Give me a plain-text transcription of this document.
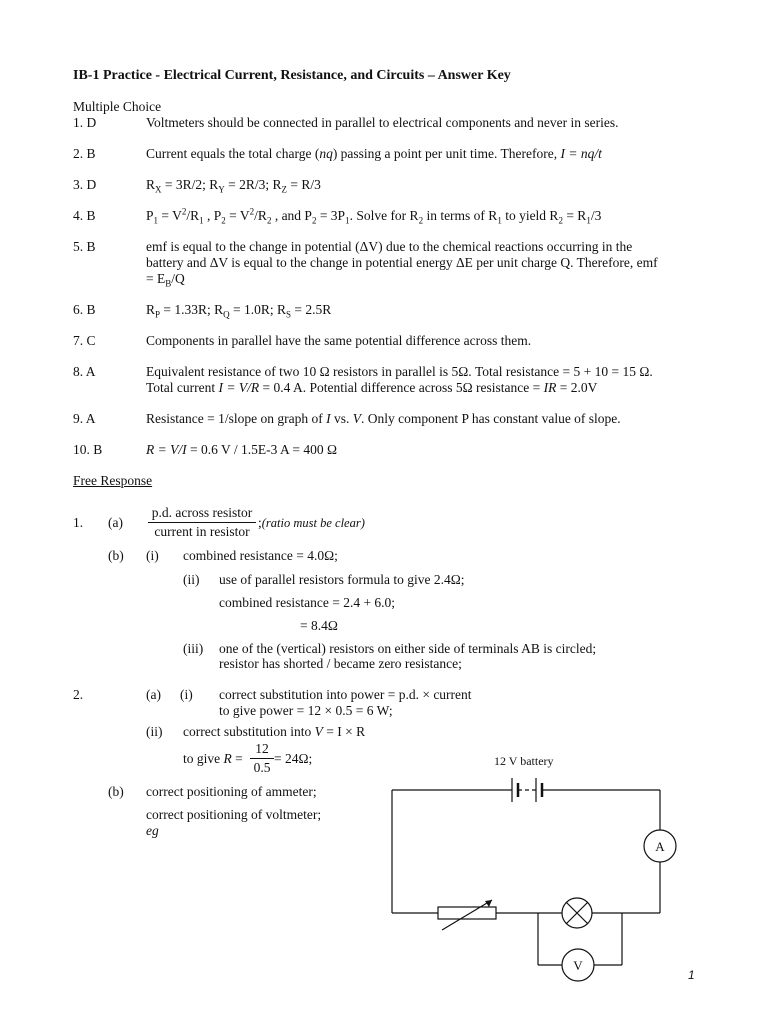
IB-1 Practice - Electrical Current, Resistance, and Circuits – Answer Key
Multiple Choice
1. D	Voltmeters should be connected in parallel to electrical components and never in series.
2. B	Current equals the total charge (nq) passing a point per unit time. Therefore, I = nq/t
3. D	$R_X = 3R/2$; $R_Y = 2R/3$; $R_Z = R/3$
4. B	$P_1 = V^2/R_1$ , $P_2 = V^2/R_2$ , and $P_2 = 3P_1$. Solve for $R_2$ in terms of $R_1$ to yield $R_2 = R_1/3$
5. B	emf is equal to the change in potential (ΔV) due to the chemical reactions occurring in the
battery and ΔV is equal to the change in potential energy ΔE per unit charge Q. Therefore, emf
= $E_B/Q$
6. B	$R_P = 1.33R$; $R_Q = 1.0R$; $R_S = 2.5R$
7. C	Components in parallel have the same potential difference across them.
8. A	Equivalent resistance of two 10 Ω resistors in parallel is 5Ω. Total resistance = 5 + 10 = 15 Ω.
Total current I = V/R = 0.4 A. Potential difference across 5Ω resistance = IR = 2.0V
9. A	Resistance = 1/slope on graph of I vs. V. Only component P has constant value of slope.
10. B	R = V/I = 0.6 V / 1.5E-3 A = 400 Ω
Free Response
1. (a)
p.d. across resistor
current in resistor
;(ratio must be clear)
(b) (i) combined resistance = 4.0Ω;
(ii) use of parallel resistors formula to give 2.4Ω;
combined resistance = 2.4 + 6.0;
= 8.4Ω
(iii) one of the (vertical) resistors on either side of terminals AB is circled;
resistor has shorted / became zero resistance;
2.	(a) (i) correct substitution into power = p.d. × current
to give power = 12 × 0.5 = 6 W;
(ii) correct substitution into V = I × R
to give R =
12
0.5
= 24Ω;
(b) correct positioning of ammeter;
correct positioning of voltmeter;
eg
12 V battery
A
V
1
